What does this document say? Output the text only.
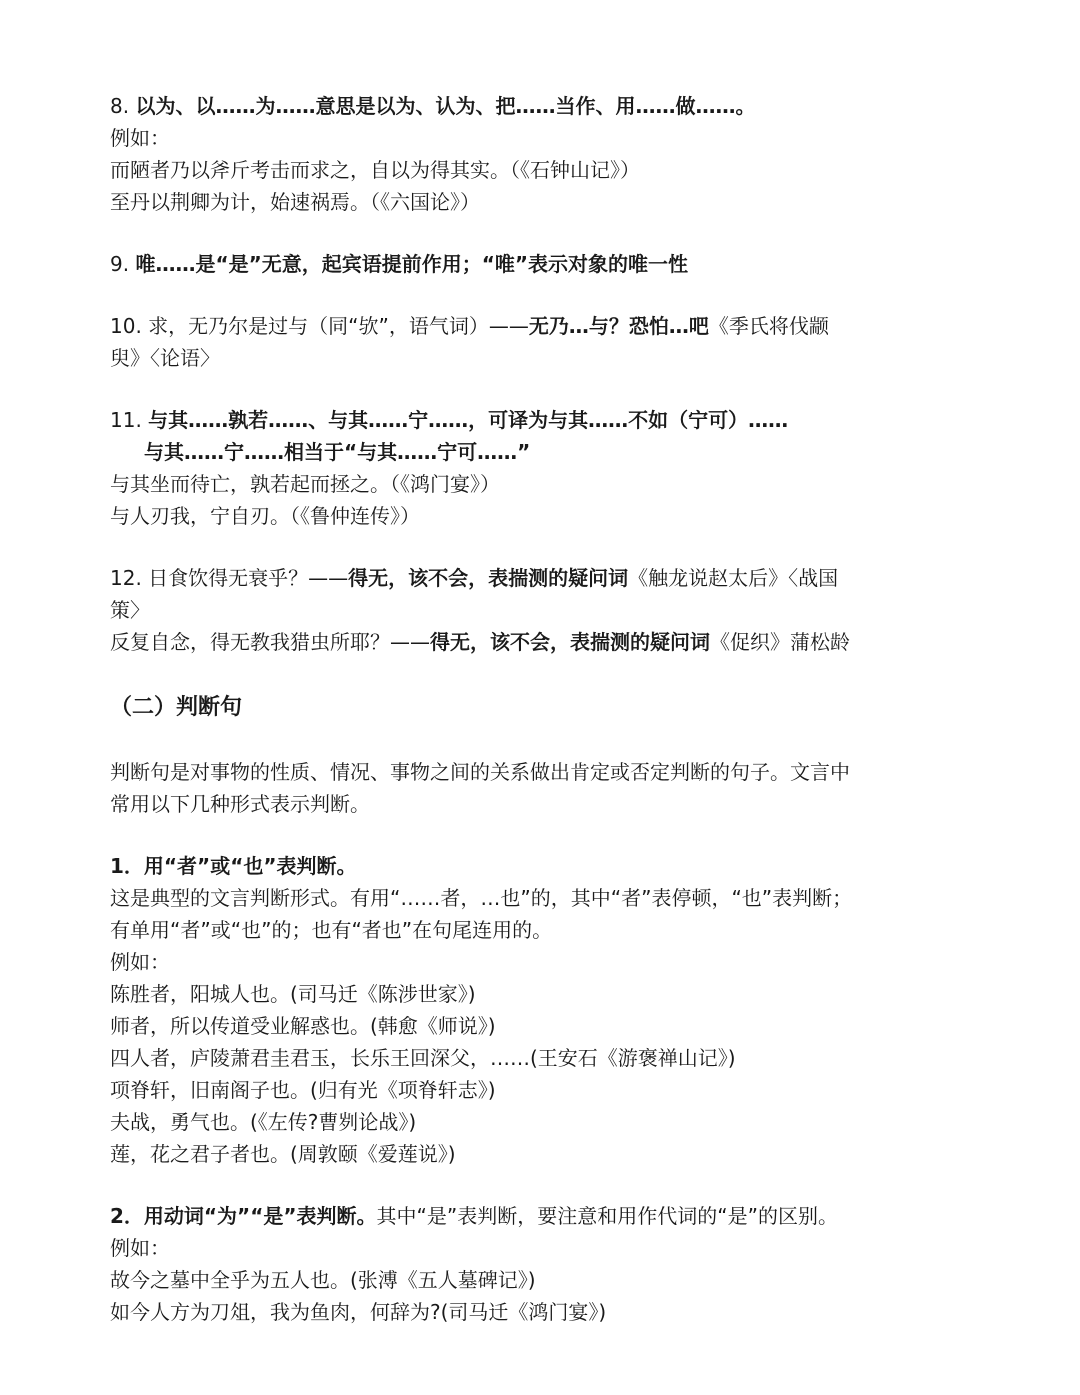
8. 以为、以……为……意思是以为、认为、把……当作、用……做……。

例如：

而陋者乃以斧斤考击而求之，自以为得其实。（《石钟山记》）

至丹以荆卿为计，始速祸焉。（《六国论》）

9. 唯……是“是”无意，起宾语提前作用；“唯”表示对象的唯一性

10. 求，无乃尔是过与（同“欤”，语气词）——无乃…与？恐怕…吧《季氏将伐颛

臾》〈论语〉

11. 与其……孰若……、与其……宁……，可译为与其……不如（宁可）……

与其……宁……相当于“与其……宁可……”

与其坐而待亡，孰若起而拯之。（《鸿门宴》）

与人刃我，宁自刃。（《鲁仲连传》）

12. 日食饮得无衰乎？——得无，该不会，表揣测的疑问词《触龙说赵太后》〈战国

策〉

反复自念，得无教我猎虫所耶？——得无，该不会，表揣测的疑问词《促织》蒲松龄

（二）判断句

判断句是对事物的性质、情况、事物之间的关系做出肯定或否定判断的句子。文言中

常用以下几种形式表示判断。

1．用“者”或“也”表判断。

这是典型的文言判断形式。有用“……者，…也”的，其中“者”表停顿，“也”表判断；

有单用“者”或“也”的；也有“者也”在句尾连用的。

例如：

陈胜者，阳城人也。(司马迁《陈涉世家》)

师者，所以传道受业解惑也。(韩愈《师说》)

四人者，庐陵萧君圭君玉，长乐王回深父，……(王安石《游褒禅山记》)

项脊轩，旧南阁子也。(归有光《项脊轩志》)

夫战，勇气也。(《左传?曹刿论战》)

莲，花之君子者也。(周敦颐《爱莲说》)

2．用动词“为”“是”表判断。其中“是”表判断，要注意和用作代词的“是”的区别。

例如：

故今之墓中全乎为五人也。(张溥《五人墓碑记》)

如今人方为刀俎，我为鱼肉，何辞为?(司马迁《鸿门宴》)
